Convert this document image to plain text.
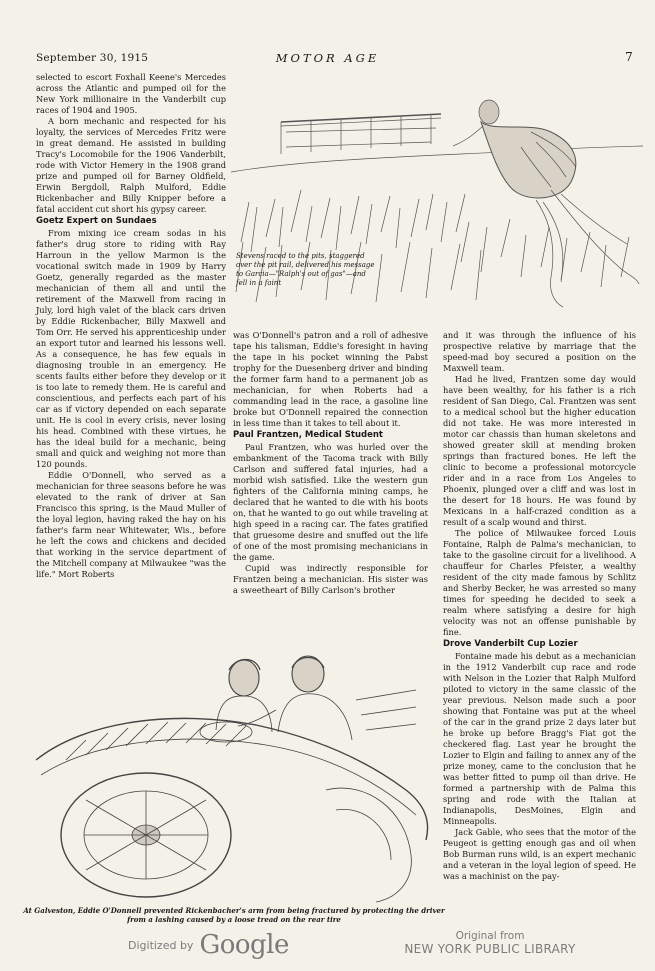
September 30, 1915	MOTOR AGE	7
Stevens raced to the pits, staggered over the pit rail, delivered his message to Garcia—"Ralph's out of gas"—and fell in a faint

selected to escort Foxhall Keene's Mercedes across the Atlantic and pumped oil for the New York millionaire in the Vanderbilt cup races of 1904 and 1905.

A born mechanic and respected for his loyalty, the services of Mercedes Fritz were in great demand. He assisted in building Tracy's Locomobile for the 1906 Vanderbilt, rode with Victor Hemery in the 1908 grand prize and pumped oil for Barney Oldfield, Erwin Bergdoll, Ralph Mulford, Eddie Rickenbacher and Billy Knipper before a fatal accident cut short his gypsy career.

Goetz Expert on Sundaes

From mixing ice cream sodas in his father's drug store to riding with Ray Harroun in the yellow Marmon is the vocational switch made in 1909 by Harry Goetz, generally regarded as the master mechanician of them all and until the retirement of the Maxwell from racing in July, lord high valet of the black cars driven by Eddie Rickenbacher, Billy Maxwell and Tom Orr. He served his apprenticeship under an export tutor and learned his lessons well. As a consequence, he has few equals in diagnosing trouble in an emergency. He scents faults either before they develop or it is too late to remedy them. He is careful and conscientious, and perfects each part of his car as if victory depended on each separate unit. He is cool in every crisis, never losing his head. Combined with these virtues, he has the ideal build for a mechanic, being small and quick and weighing not more than 120 pounds.

Eddie O'Donnell, who served as a mechanician for three seasons before he was elevated to the rank of driver at San Francisco this spring, is the Maud Muller of the loyal legion, having raked the hay on his father's farm near Whitewater, Wis., before he left the cows and chickens and decided that working in the service department of the Mitchell company at Milwaukee "was the life." Mort Roberts

was O'Donnell's patron and a roll of adhesive tape his talisman, Eddie's foresight in having the tape in his pocket winning the Pabst trophy for the Duesenberg driver and binding the former farm hand to a permanent job as mechanician, for when Roberts had a commanding lead in the race, a gasoline line broke but O'Donnell repaired the connection in less time than it takes to tell about it.

Paul Frantzen, Medical Student

Paul Frantzen, who was hurled over the embankment of the Tacoma track with Billy Carlson and suffered fatal injuries, had a morbid wish satisfied. Like the western gun fighters of the California mining camps, he declared that he wanted to die with his boots on, that he wanted to go out while traveling at high speed in a racing car. The fates gratified that gruesome desire and snuffed out the life of one of the most promising mechanicians in the game.

Cupid was indirectly responsible for Frantzen being a mechanician. His sister was a sweetheart of Billy Carlson's brother

and it was through the influence of his prospective relative by marriage that the speed-mad boy secured a position on the Maxwell team.

Had he lived, Frantzen some day would have been wealthy, for his father is a rich resident of San Diego, Cal. Frantzen was sent to a medical school but the higher education did not take. He was more interested in motor car chassis than human skeletons and showed greater skill at mending broken springs than fractured bones. He left the clinic to become a professional motorcycle rider and in a race from Los Angeles to Phoenix, plunged over a cliff and was lost in the desert for 18 hours. He was found by Mexicans in a half-crazed condition as a result of a scalp wound and thirst.

The police of Milwaukee forced Louis Fontaine, Ralph de Palma's mechanician, to take to the gasoline circuit for a livelihood. A chauffeur for Charles Pfeister, a wealthy resident of the city made famous by Schlitz and Sherby Becker, he was arrested so many times for speeding he decided to seek a realm where satisfying a desire for high velocity was not an offense punishable by fine.

Drove Vanderbilt Cup Lozier

Fontaine made his debut as a mechanician in the 1912 Vanderbilt cup race and rode with Nelson in the Lozier that Ralph Mulford piloted to victory in the same classic of the year previous. Nelson made such a poor showing that Fontaine was put at the wheel of the car in the grand prize 2 days later but he broke up before Bragg's Fiat got the checkered flag. Last year he brought the Lozier to Elgin and failing to annex any of the prize money, came to the conclusion that he was better fitted to pump oil than drive. He formed a partnership with de Palma this spring and rode with the Italian at Indianapolis, DesMoines, Elgin and Minneapolis.

Jack Gable, who sees that the motor of the Peugeot is getting enough gas and oil when Bob Burman runs wild, is an expert mechanic and a veteran in the loyal legion of speed. He was a machinist on the pay-

At Galveston, Eddie O'Donnell prevented Rickenbacher's arm from being fractured by protecting the driver from a lashing caused by a loose tread on the rear tire
Digitized by Google	Original from
NEW YORK PUBLIC LIBRARY
